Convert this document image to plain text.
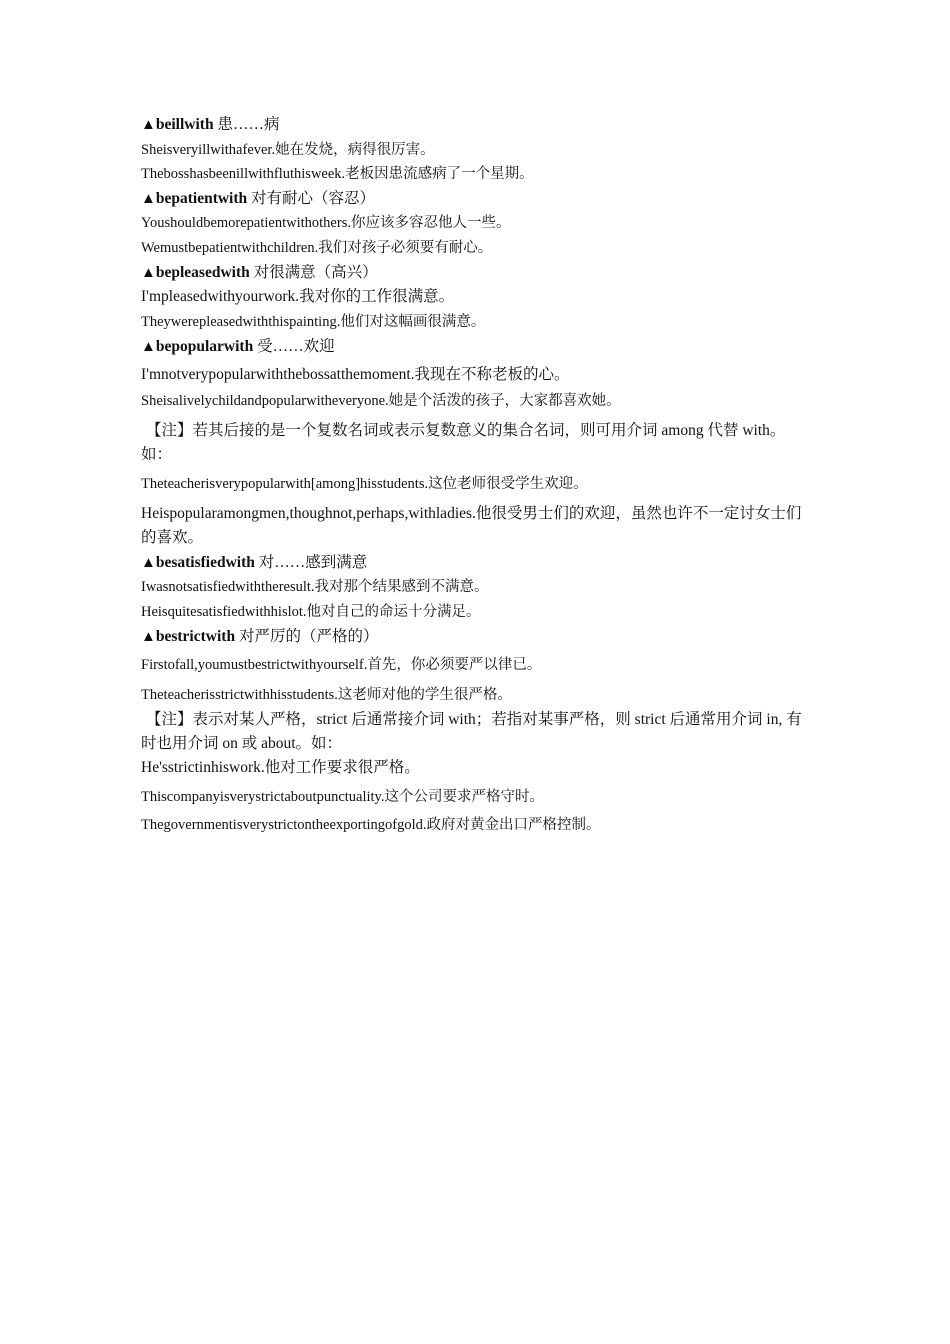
▲beillwith 患……病
Sheisveryillwithafever.她在发烧，病得很厉害。
Thebosshasbeenillwithfluthisweek.老板因患流感病了一个星期。
▲bepatientwith 对有耐心（容忍）
Youshouldbemorepatientwithothers.你应该多容忍他人一些。
Wemustbepatientwithchildren.我们对孩子必须要有耐心。
▲bepleasedwith 对很满意（高兴）
I'mpleasedwithyourwork.我对你的工作很满意。
Theywerepleasedwiththispainting.他们对这幅画很满意。
▲bepopularwith 受……欢迎
I'mnotverypopularwiththebossatthemoment.我现在不称老板的心。
Sheisalivelychildandpopularwitheveryone.她是个活泼的孩子，大家都喜欢她。
【注】若其后接的是一个复数名词或表示复数意义的集合名词，则可用介词 among 代替 with。如：
Theteacherisverypopularwith[among]hisstudents.这位老师很受学生欢迎。
Heispopularamongmen,thoughnot,perhaps,withladies.他很受男士们的欢迎，虽然也许不一定讨女士们的喜欢。
▲besatisfiedwith 对……感到满意
Iwasnotsatisfiedwiththeresult.我对那个结果感到不满意。
Heisquitesatisfiedwithhislot.他对自己的命运十分满足。
▲bestrictwith 对严厉的（严格的）
Firstofall,youmustbestrictwithyourself.首先，你必须要严以律已。
Theteacherisstrictwithhisstudents.这老师对他的学生很严格。
【注】表示对某人严格，strict 后通常接介词 with；若指对某事严格，则 strict 后通常用介词 in, 有时也用介词 on 或 about。如：
He'sstrictinhiswork.他对工作要求很严格。
Thiscompanyisverystrictaboutpunctuality.这个公司要求严格守时。
Thegovernmentisverystrictontheexportingofgold.政府对黄金出口严格控制。
